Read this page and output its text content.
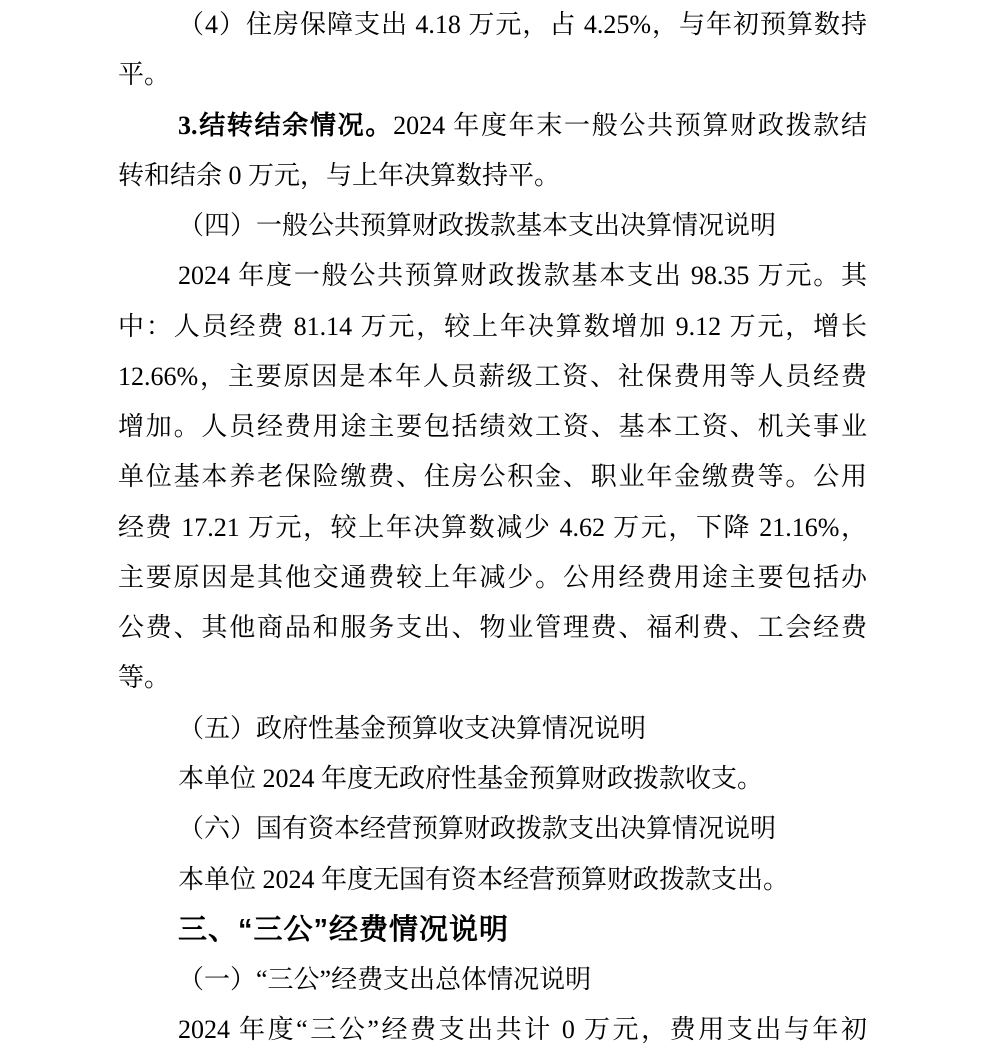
（4）住房保障支出 4.18 万元，占 4.25%，与年初预算数持
平。
3.结转结余情况。2024 年度年末一般公共预算财政拨款结
转和结余 0 万元，与上年决算数持平。
（四）一般公共预算财政拨款基本支出决算情况说明
2024 年度一般公共预算财政拨款基本支出 98.35 万元。其
中：人员经费 81.14 万元，较上年决算数增加 9.12 万元，增长
12.66%，主要原因是本年人员薪级工资、社保费用等人员经费
增加。人员经费用途主要包括绩效工资、基本工资、机关事业
单位基本养老保险缴费、住房公积金、职业年金缴费等。公用
经费 17.21 万元，较上年决算数减少 4.62 万元，下降 21.16%，
主要原因是其他交通费较上年减少。公用经费用途主要包括办
公费、其他商品和服务支出、物业管理费、福利费、工会经费
等。
（五）政府性基金预算收支决算情况说明
本单位 2024 年度无政府性基金预算财政拨款收支。
（六）国有资本经营预算财政拨款支出决算情况说明
本单位 2024 年度无国有资本经营预算财政拨款支出。
三、“三公”经费情况说明
（一）“三公”经费支出总体情况说明
2024 年度“三公”经费支出共计 0 万元，费用支出与年初
